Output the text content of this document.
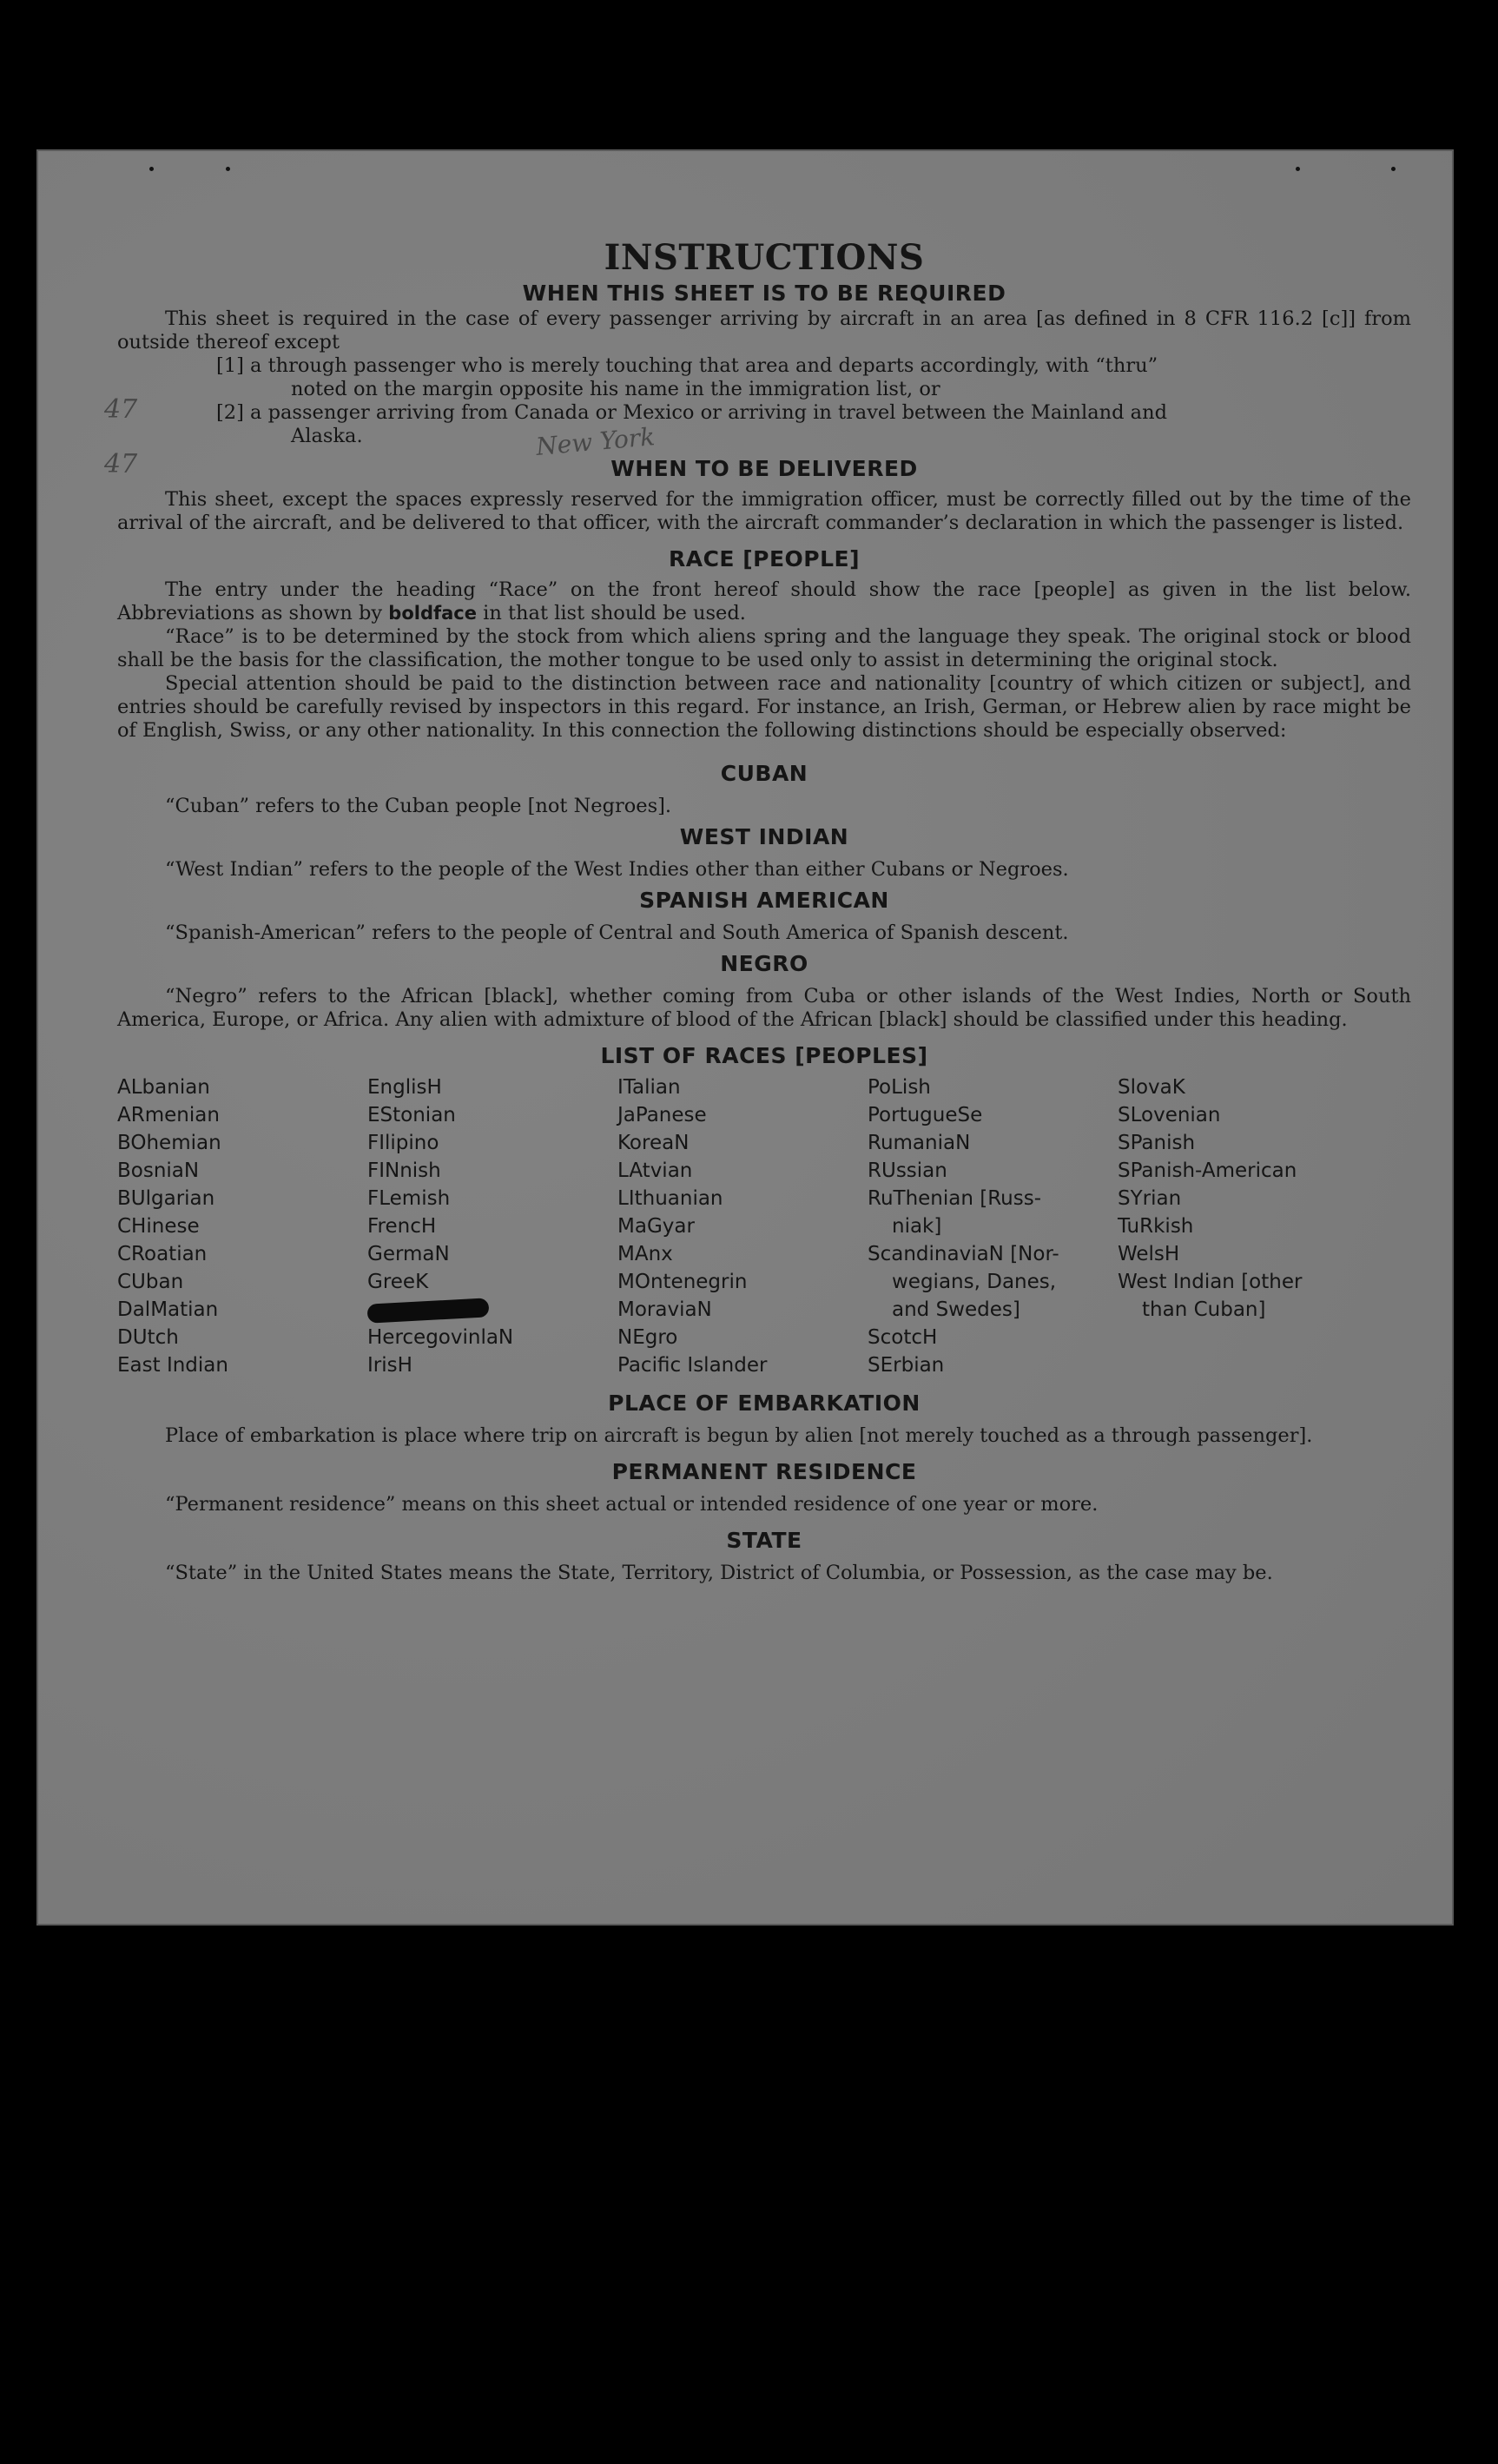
47
47
New York
INSTRUCTIONS
WHEN THIS SHEET IS TO BE REQUIRED

This sheet is required in the case of every passenger arriving by aircraft in an area [as defined in 8 CFR 116.2 [c]] from outside thereof except

[1] a through passenger who is merely touching that area and departs accordingly, with “thru”
noted on the margin opposite his name in the immigration list, or
[2] a passenger arriving from Canada or Mexico or arriving in travel between the Mainland and
Alaska.
WHEN TO BE DELIVERED

This sheet, except the spaces expressly reserved for the immigration officer, must be correctly filled out by the time of the arrival of the aircraft, and be delivered to that officer, with the aircraft commander’s declaration in which the passenger is listed.

RACE [PEOPLE]

The entry under the heading “Race” on the front hereof should show the race [people] as given in the list below. Abbreviations as shown by boldface in that list should be used.

“Race” is to be determined by the stock from which aliens spring and the language they speak. The original stock or blood shall be the basis for the classification, the mother tongue to be used only to assist in determining the original stock.

Special attention should be paid to the distinction between race and nationality [country of which citizen or subject], and entries should be carefully revised by inspectors in this regard. For instance, an Irish, German, or Hebrew alien by race might be of English, Swiss, or any other nationality. In this connection the following distinctions should be especially observed:

CUBAN

“Cuban” refers to the Cuban people [not Negroes].

WEST INDIAN

“West Indian” refers to the people of the West Indies other than either Cubans or Negroes.

SPANISH AMERICAN

“Spanish-American” refers to the people of Central and South America of Spanish descent.

NEGRO

“Negro” refers to the African [black], whether coming from Cuba or other islands of the West Indies, North or South America, Europe, or Africa. Any alien with admixture of blood of the African [black] should be classified under this heading.

LIST OF RACES [PEOPLES]
ALbanian
ARmenian
BOhemian
BosniaN
BUlgarian
CHinese
CRoatian
CUban
DalMatian
DUtch
East Indian
EnglisH
EStonian
FIlipino
FINnish
FLemish
FrencH
GermaN
GreeK
HercegovinlaN
IrisH
ITalian
JaPanese
KoreaN
LAtvian
LIthuanian
MaGyar
MAnx
MOntenegrin
MoraviaN
NEgro
Pacific Islander
PoLish
PortugueSe
RumaniaN
RUssian
RuThenian [Russ-
niak]
ScandinaviaN [Nor-
wegians, Danes,
and Swedes]
ScotcH
SErbian
SlovaK
SLovenian
SPanish
SPanish-American
SYrian
TuRkish
WelsH
West Indian [other
than Cuban]
PLACE OF EMBARKATION

Place of embarkation is place where trip on aircraft is begun by alien [not merely touched as a through passenger].

PERMANENT RESIDENCE

“Permanent residence” means on this sheet actual or intended residence of one year or more.

STATE

“State” in the United States means the State, Territory, District of Columbia, or Possession, as the case may be.
